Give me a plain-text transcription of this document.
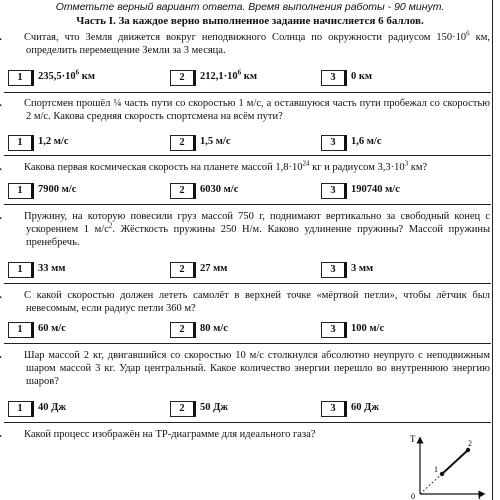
Отметьте верный вариант ответа. Время выполнения работы - 90 минут.
Часть I. За каждое верно выполненное задание начисляется 6 баллов.
Считая, что Земля движется вокруг неподвижного Солнца по окружности радиусом $150\cdot 10^6$ км, определить перемещение Земли за 3 месяца.
1	$235,5\cdot 10^6$ км	2	$212,1\cdot 10^6$ км	3	0 км
Спортсмен прошёл ¼ часть пути со скоростью 1 м/с, а оставшуюся часть пути пробежал со скоростью 2 м/с. Какова средняя скорость спортсмена на всём пути?
1	1,2 м/с	2	1,5 м/с	3	1,6 м/с
Какова первая космическая скорость на планете массой $1,8\cdot 10^{24}$ кг и радиусом $3,3\cdot 10^3$ км?
1	7900 м/с	2	6030 м/с	3	190740 м/с
Пружину, на которую повесили груз массой 750 г, поднимают вертикально за свободный конец с ускорением 1 $м/с^2$. Жёсткость пружины 250 Н/м. Каково удлинение пружины? Массой пружины пренебречь.
1	33 мм	2	27 мм	3	3 мм
С какой скоростью должен лететь самолёт в верхней точке «мёртвой петли», чтобы лётчик был невесомым, если радиус петли 360 м?
1	60 м/с	2	80 м/с	3	100 м/с
Шар массой 2 кг, двигавшийся со скоростью 10 м/с столкнулся абсолютно неупруго с неподвижным шаром массой 3 кг. Удар центральный. Какое количество энергии перешло во внутреннюю энергию шаров?
1	40 Дж	2	50 Дж	3	60 Дж
Какой процесс изображён на ТР-диаграмме для идеального газа?	T
P
0
1
2
